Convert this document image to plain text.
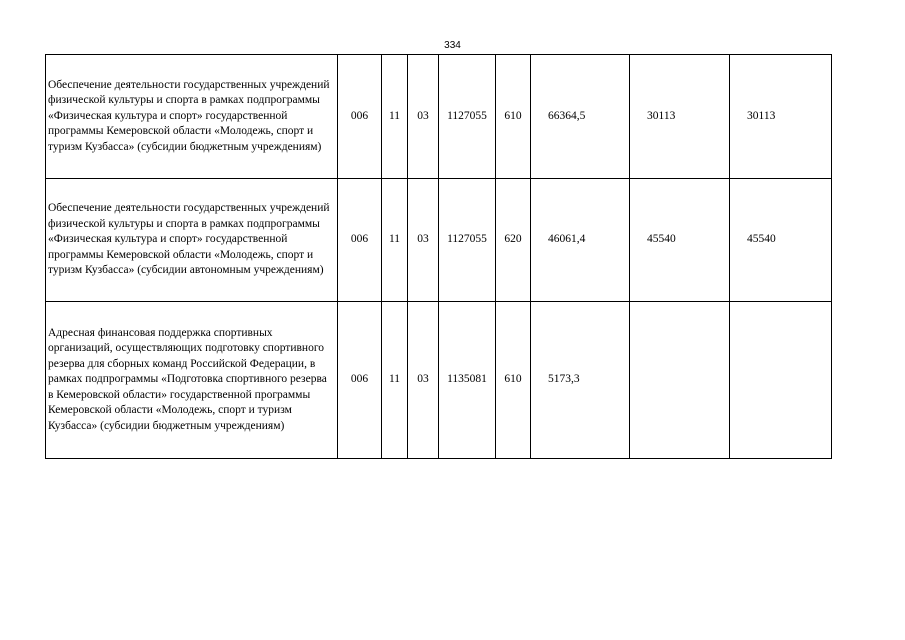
334
Обеспечение деятельности государственных учреждений физической культуры и спорта в рамках подпрограммы «Физическая культура и спорт» государственной программы Кемеровской области «Молодежь, спорт и туризм Кузбасса» (субсидии бюджетным учреждениям)	006	11	03	1127055	610	66364,5	30113	30113
Обеспечение деятельности государственных учреждений физической культуры и спорта в рамках подпрограммы «Физическая культура и спорт» государственной программы Кемеровской области «Молодежь, спорт и туризм Кузбасса» (субсидии автономным учреждениям)	006	11	03	1127055	620	46061,4	45540	45540
Адресная финансовая поддержка спортивных организаций, осуществляющих подготовку спортивного резерва для сборных команд Российской Федерации, в рамках подпрограммы «Подготовка спортивного резерва в Кемеровской области» государственной программы Кемеровской области «Молодежь, спорт и туризм Кузбасса» (субсидии бюджетным учреждениям)	006	11	03	1135081	610	5173,3		
